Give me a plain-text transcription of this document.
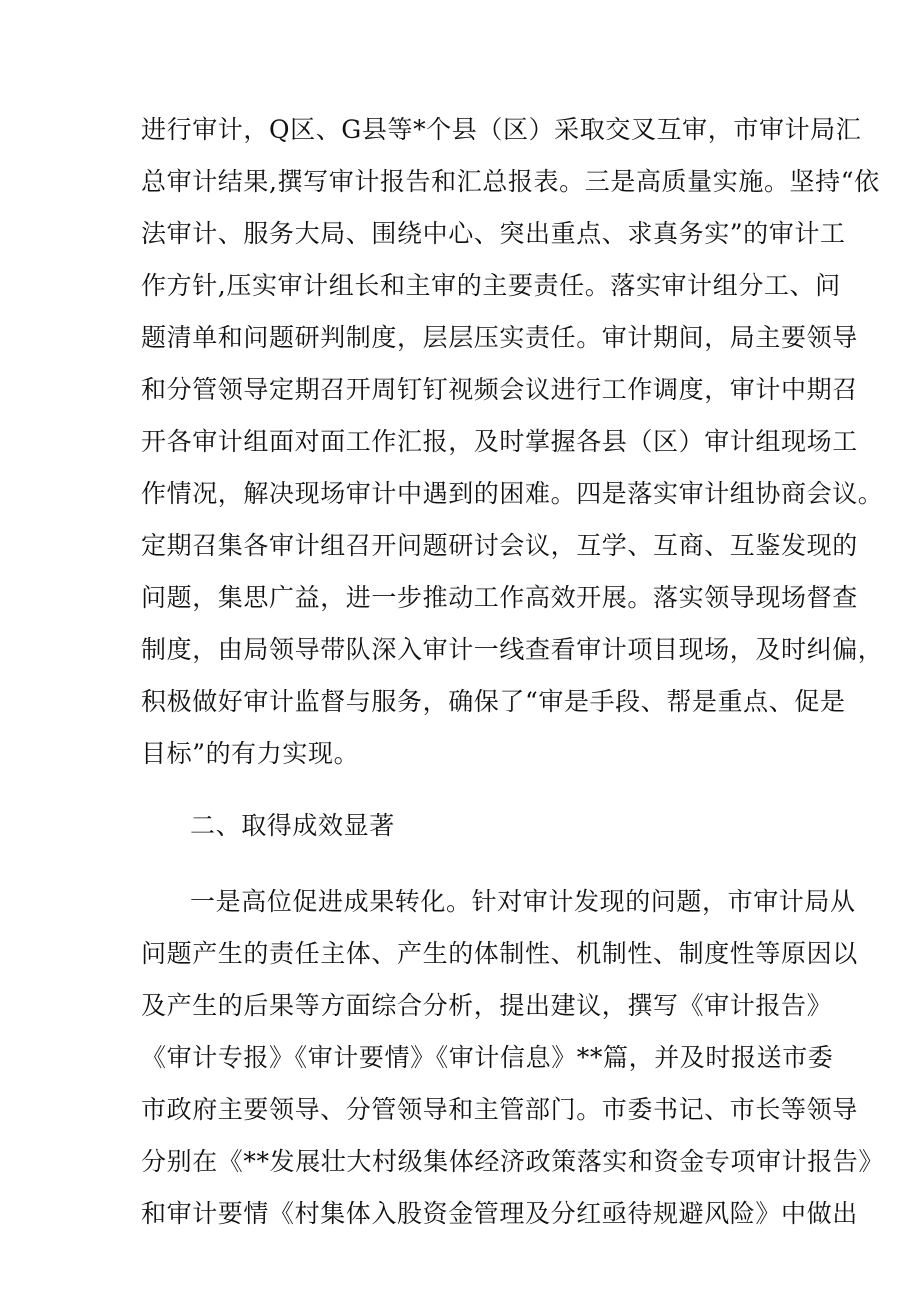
进行审计，Q区、G县等*个县（区）采取交叉互审，市审计局汇
总审计结果,撰写审计报告和汇总报表。三是高质量实施。坚持“依
法审计、服务大局、围绕中心、突出重点、求真务实”的审计工
作方针,压实审计组长和主审的主要责任。落实审计组分工、问
题清单和问题研判制度，层层压实责任。审计期间，局主要领导
和分管领导定期召开周钉钉视频会议进行工作调度，审计中期召
开各审计组面对面工作汇报，及时掌握各县（区）审计组现场工
作情况，解决现场审计中遇到的困难。四是落实审计组协商会议。
定期召集各审计组召开问题研讨会议，互学、互商、互鉴发现的
问题，集思广益，进一步推动工作高效开展。落实领导现场督查
制度，由局领导带队深入审计一线查看审计项目现场，及时纠偏，
积极做好审计监督与服务，确保了“审是手段、帮是重点、促是
目标”的有力实现。
二、取得成效显著
一是高位促进成果转化。针对审计发现的问题，市审计局从
问题产生的责任主体、产生的体制性、机制性、制度性等原因以
及产生的后果等方面综合分析，提出建议，撰写《审计报告》
《审计专报》《审计要情》《审计信息》**篇，并及时报送市委
市政府主要领导、分管领导和主管部门。市委书记、市长等领导
分别在《**发展壮大村级集体经济政策落实和资金专项审计报告》
和审计要情《村集体入股资金管理及分红亟待规避风险》中做出
